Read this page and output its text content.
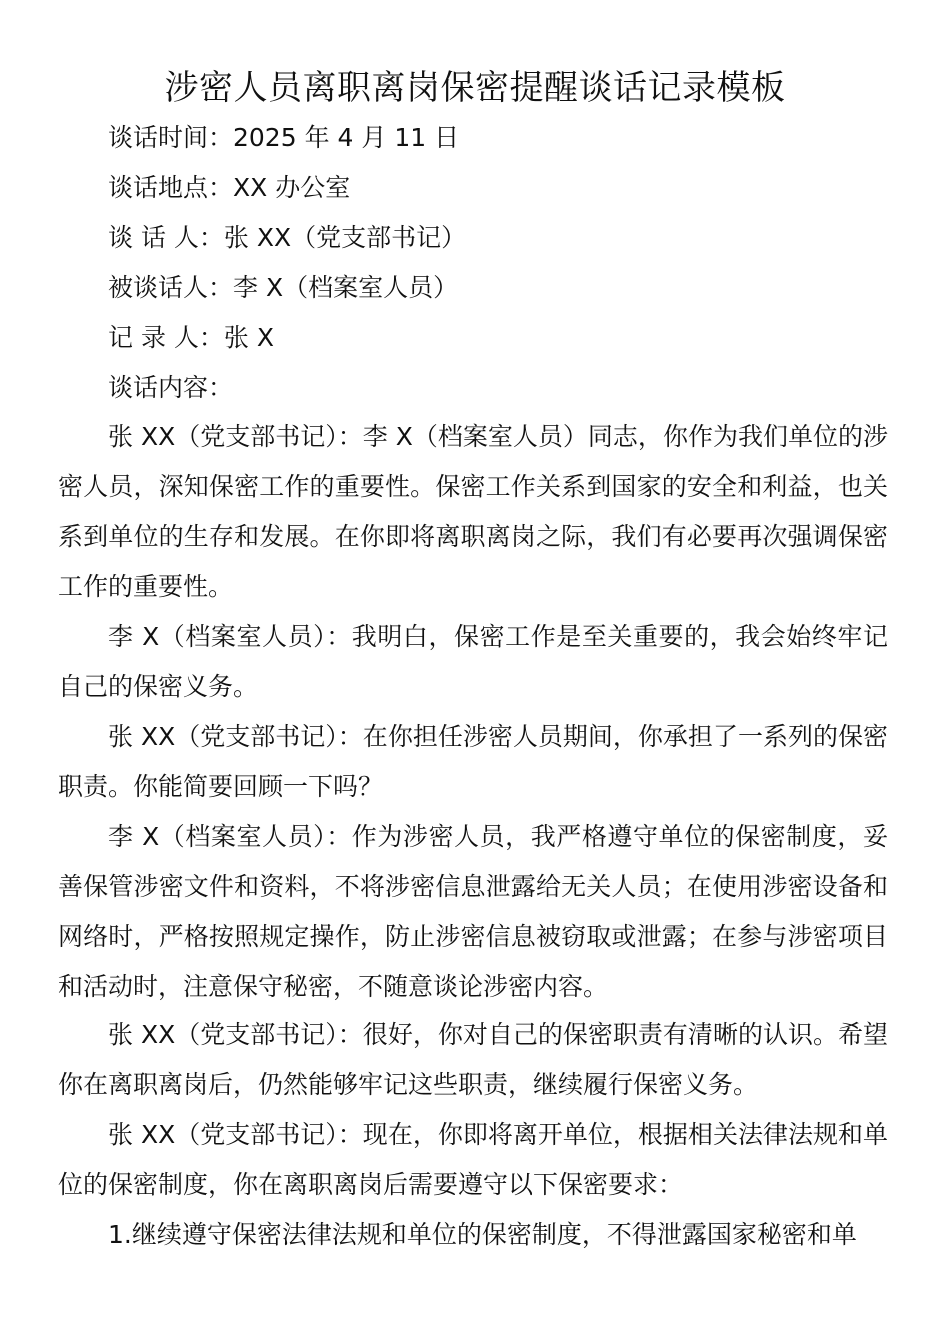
涉密人员离职离岗保密提醒谈话记录模板
谈话时间：2025 年 4 月 11 日
谈话地点：XX 办公室
谈 话 人：张 XX（党支部书记）
被谈话人：李 X（档案室人员）
记 录 人：张 X
谈话内容：
张 XX（党支部书记）：李 X（档案室人员）同志，你作为我们单位的涉密人员，深知保密工作的重要性。保密工作关系到国家的安全和利益，也关系到单位的生存和发展。在你即将离职离岗之际，我们有必要再次强调保密工作的重要性。
李 X（档案室人员）：我明白，保密工作是至关重要的，我会始终牢记自己的保密义务。
张 XX（党支部书记）：在你担任涉密人员期间，你承担了一系列的保密职责。你能简要回顾一下吗？
李 X（档案室人员）：作为涉密人员，我严格遵守单位的保密制度，妥善保管涉密文件和资料，不将涉密信息泄露给无关人员；在使用涉密设备和网络时，严格按照规定操作，防止涉密信息被窃取或泄露；在参与涉密项目和活动时，注意保守秘密，不随意谈论涉密内容。
张 XX（党支部书记）：很好，你对自己的保密职责有清晰的认识。希望你在离职离岗后，仍然能够牢记这些职责，继续履行保密义务。
张 XX（党支部书记）：现在，你即将离开单位，根据相关法律法规和单位的保密制度，你在离职离岗后需要遵守以下保密要求：
1.继续遵守保密法律法规和单位的保密制度，不得泄露国家秘密和单
